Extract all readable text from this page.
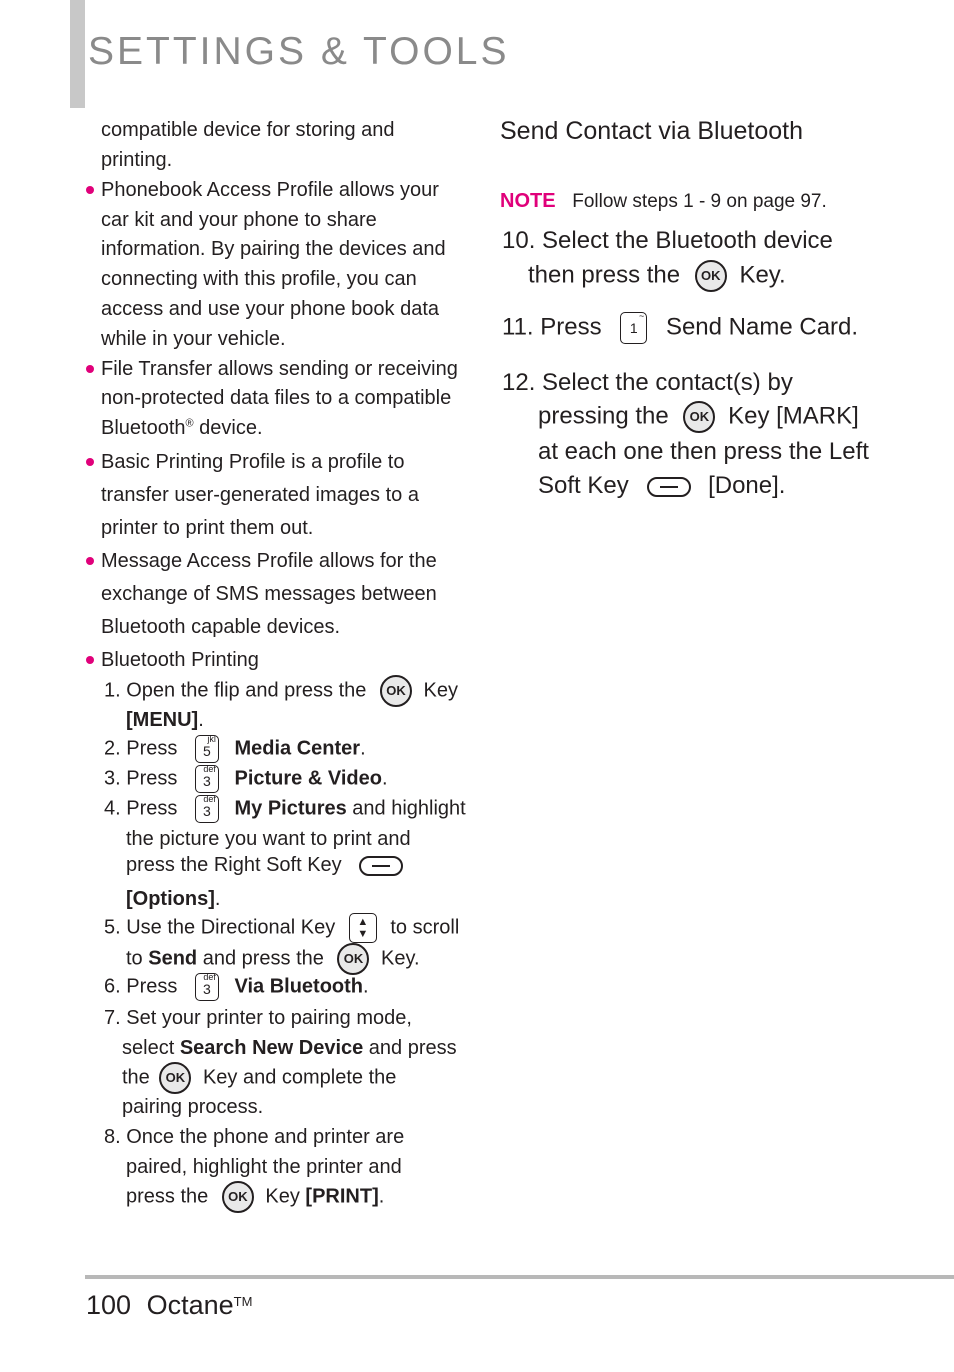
SETTINGS & TOOLS
compatible device for storing and
printing.
Phonebook Access Profile allows your
car kit and your phone to share
information. By pairing the devices and
connecting with this profile, you can
access and use your phone book data
while in your vehicle.
File Transfer allows sending or receiving
non-protected data files to a compatible
Bluetooth® device.
Basic Printing Profile is a profile to
transfer user-generated images to a
printer to print them out.
Message Access Profile allows for the
exchange of SMS messages between
Bluetooth capable devices.
Bluetooth Printing
1. Open the flip and press the OK Key
[MENU].
2. Press 5
jkl Media Center.
3. Press 3
def Picture & Video.
4. Press 3
def My Pictures and highlight
the picture you want to print and
press the Right Soft Key
[Options].
5. Use the Directional Key ▲
▼ to scroll
to Send and press the OK Key.
6. Press 3
def Via Bluetooth.
7. Set your printer to pairing mode,
select Search New Device and press
the OK Key and complete the
pairing process.
8. Once the phone and printer are
paired, highlight the printer and
press the OK Key [PRINT].
Send Contact via Bluetooth
NOTE Follow steps 1 - 9 on page 97.
10. Select the Bluetooth device
then press the OK Key.
11. Press 1
~ Send Name Card.
12. Select the contact(s) by
pressing the OK Key [MARK]
at each one then press the Left
Soft Key	[Done].
100 Octane™
